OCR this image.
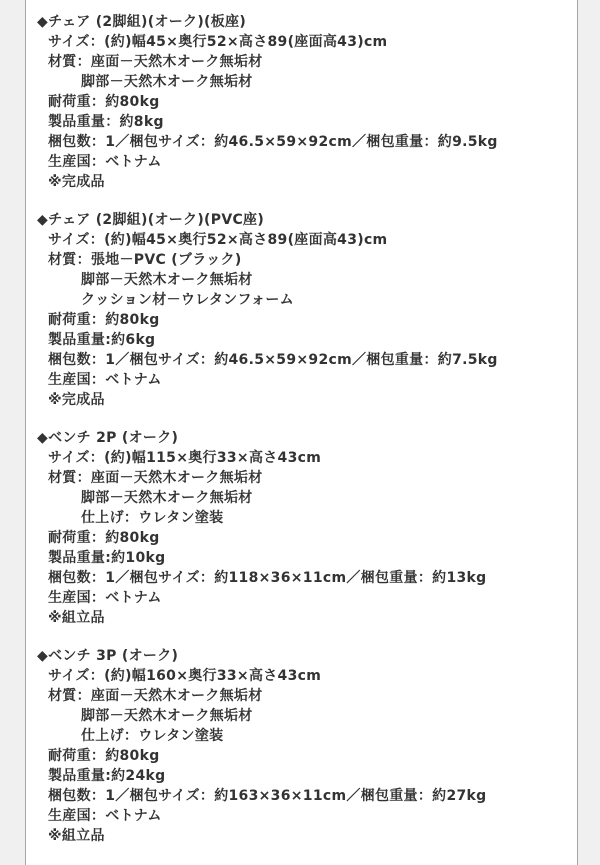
◆チェア (2脚組)(オーク)(板座)
サイズ：(約)幅45×奥行52×高さ89(座面高43)cm
材質：座面－天然木オーク無垢材
脚部－天然木オーク無垢材
耐荷重：約80kg
製品重量：約8kg
梱包数：1／梱包サイズ：約46.5×59×92cm／梱包重量：約9.5kg
生産国：ベトナム
※完成品
◆チェア (2脚組)(オーク)(PVC座)
サイズ：(約)幅45×奥行52×高さ89(座面高43)cm
材質：張地－PVC (ブラック)
脚部－天然木オーク無垢材
クッション材－ウレタンフォーム
耐荷重：約80kg
製品重量:約6kg
梱包数：1／梱包サイズ：約46.5×59×92cm／梱包重量：約7.5kg
生産国：ベトナム
※完成品
◆ベンチ 2P (オーク)
サイズ：(約)幅115×奥行33×高さ43cm
材質：座面－天然木オーク無垢材
脚部－天然木オーク無垢材
仕上げ：ウレタン塗装
耐荷重：約80kg
製品重量:約10kg
梱包数：1／梱包サイズ：約118×36×11cm／梱包重量：約13kg
生産国：ベトナム
※組立品
◆ベンチ 3P (オーク)
サイズ：(約)幅160×奥行33×高さ43cm
材質：座面－天然木オーク無垢材
脚部－天然木オーク無垢材
仕上げ：ウレタン塗装
耐荷重：約80kg
製品重量:約24kg
梱包数：1／梱包サイズ：約163×36×11cm／梱包重量：約27kg
生産国：ベトナム
※組立品
